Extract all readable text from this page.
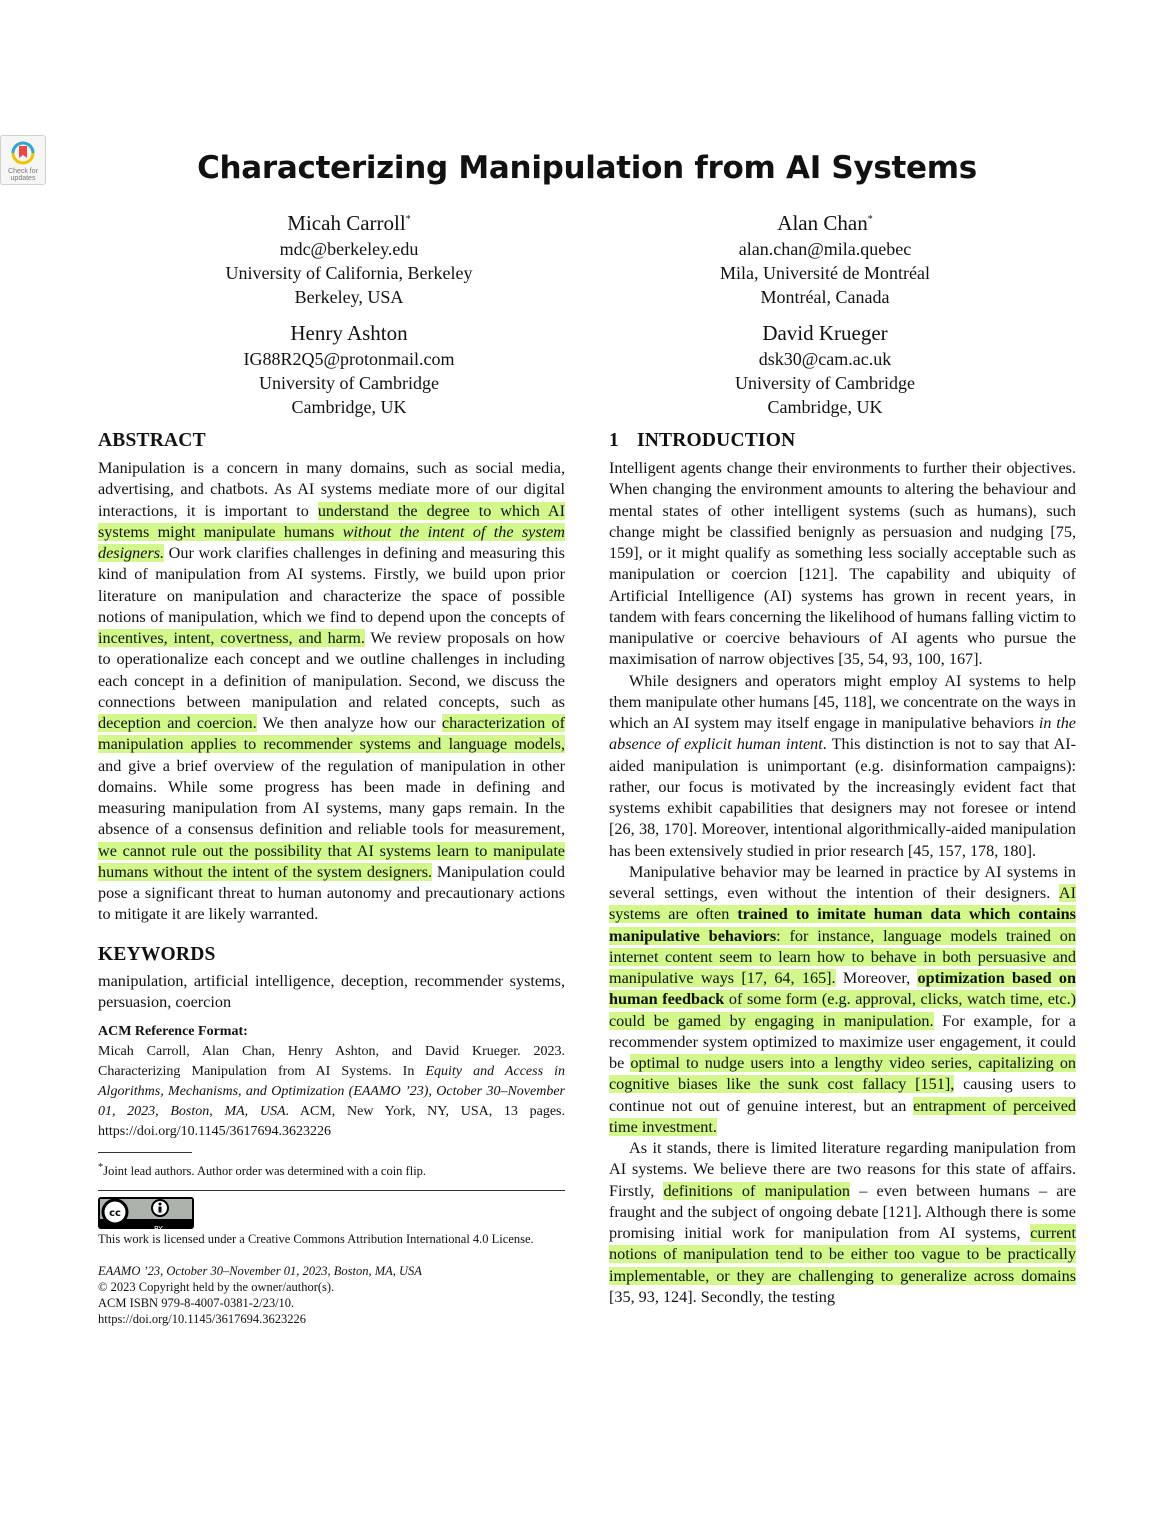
Check for
updates	Characterizing Manipulation from AI Systems
Micah Carroll*
mdc@berkeley.edu
University of California, Berkeley
Berkeley, USA
Alan Chan*
alan.chan@mila.quebec
Mila, Université de Montréal
Montréal, Canada
Henry Ashton
IG88R2Q5@protonmail.com
University of Cambridge
Cambridge, UK
David Krueger
dsk30@cam.ac.uk
University of Cambridge
Cambridge, UK
ABSTRACT

Manipulation is a concern in many domains, such as social media, advertising, and chatbots. As AI systems mediate more of our digital interactions, it is important to understand the degree to which AI systems might manipulate humans without the intent of the system designers. Our work clarifies challenges in defining and measuring this kind of manipulation from AI systems. Firstly, we build upon prior literature on manipulation and characterize the space of possible notions of manipulation, which we find to depend upon the concepts of incentives, intent, covertness, and harm. We review proposals on how to operationalize each concept and we outline challenges in including each concept in a definition of manipulation. Second, we discuss the connections between manipulation and related concepts, such as deception and coercion. We then analyze how our characterization of manipulation applies to recommender systems and language models, and give a brief overview of the regulation of manipulation in other domains. While some progress has been made in defining and measuring manipulation from AI systems, many gaps remain. In the absence of a consensus definition and reliable tools for measurement, we cannot rule out the possibility that AI systems learn to manipulate humans without the intent of the system designers. Manipulation could pose a significant threat to human autonomy and precautionary actions to mitigate it are likely warranted.

KEYWORDS

manipulation, artificial intelligence, deception, recommender systems, persuasion, coercion

ACM Reference Format:

Micah Carroll, Alan Chan, Henry Ashton, and David Krueger. 2023. Characterizing Manipulation from AI Systems. In Equity and Access in Algorithms, Mechanisms, and Optimization (EAAMO ’23), October 30–November 01, 2023, Boston, MA, USA. ACM, New York, NY, USA, 13 pages. https://doi.org/10.1145/3617694.3623226

*Joint lead authors. Author order was determined with a coin flip.
cc
BY
This work is licensed under a Creative Commons Attribution International 4.0 License.
EAAMO ’23, October 30–November 01, 2023, Boston, MA, USA
© 2023 Copyright held by the owner/author(s).
ACM ISBN 979-8-4007-0381-2/23/10.
https://doi.org/10.1145/3617694.3623226
1 INTRODUCTION

Intelligent agents change their environments to further their objectives. When changing the environment amounts to altering the behaviour and mental states of other intelligent systems (such as humans), such change might be classified benignly as persuasion and nudging [75, 159], or it might qualify as something less socially acceptable such as manipulation or coercion [121]. The capability and ubiquity of Artificial Intelligence (AI) systems has grown in recent years, in tandem with fears concerning the likelihood of humans falling victim to manipulative or coercive behaviours of AI agents who pursue the maximisation of narrow objectives [35, 54, 93, 100, 167].

While designers and operators might employ AI systems to help them manipulate other humans [45, 118], we concentrate on the ways in which an AI system may itself engage in manipulative behaviors in the absence of explicit human intent. This distinction is not to say that AI-aided manipulation is unimportant (e.g. disinformation campaigns): rather, our focus is motivated by the increasingly evident fact that systems exhibit capabilities that designers may not foresee or intend [26, 38, 170]. Moreover, intentional algorithmically-aided manipulation has been extensively studied in prior research [45, 157, 178, 180].

Manipulative behavior may be learned in practice by AI systems in several settings, even without the intention of their designers. AI systems are often trained to imitate human data which contains manipulative behaviors: for instance, language models trained on internet content seem to learn how to behave in both persuasive and manipulative ways [17, 64, 165]. Moreover, optimization based on human feedback of some form (e.g. approval, clicks, watch time, etc.) could be gamed by engaging in manipulation. For example, for a recommender system optimized to maximize user engagement, it could be optimal to nudge users into a lengthy video series, capitalizing on cognitive biases like the sunk cost fallacy [151], causing users to continue not out of genuine interest, but an entrapment of perceived time investment.

As it stands, there is limited literature regarding manipulation from AI systems. We believe there are two reasons for this state of affairs. Firstly, definitions of manipulation – even between humans – are fraught and the subject of ongoing debate [121]. Although there is some promising initial work for manipulation from AI systems, current notions of manipulation tend to be either too vague to be practically implementable, or they are challenging to generalize across domains [35, 93, 124]. Secondly, the testing
